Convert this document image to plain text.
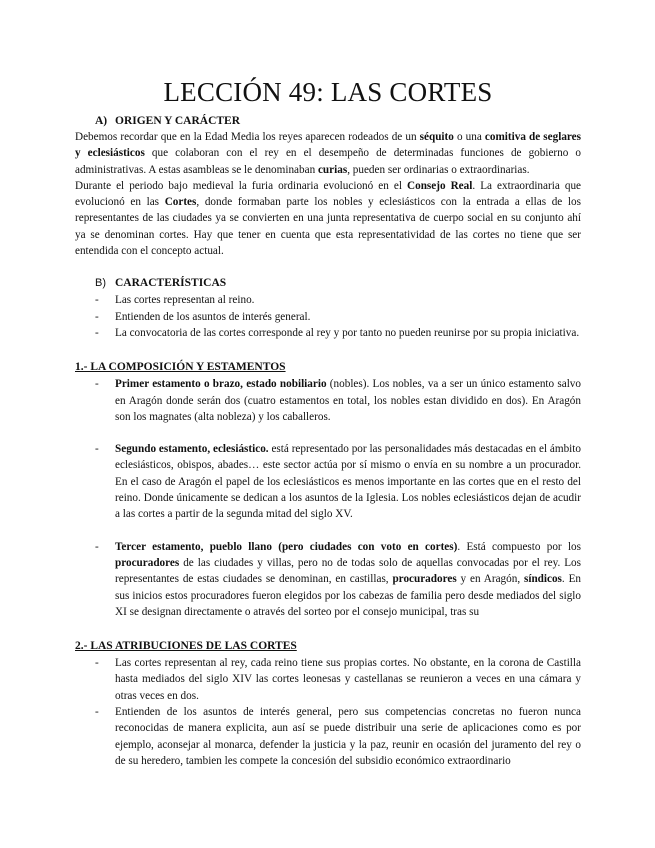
LECCIÓN 49: LAS CORTES
A) ORIGEN Y CARÁCTER

Debemos recordar que en la Edad Media los reyes aparecen rodeados de un séquito o una comitiva de seglares y eclesiásticos que colaboran con el rey en el desempeño de determinadas funciones de gobierno o administrativas. A estas asambleas se le denominaban curias, pueden ser ordinarias o extraordinarias.

Durante el periodo bajo medieval la furia ordinaria evolucionó en el Consejo Real. La extraordinaria que evolucionó en las Cortes, donde formaban parte los nobles y eclesiásticos con la entrada a ellas de los representantes de las ciudades ya se convierten en una junta representativa de cuerpo social en su conjunto ahí ya se denominan cortes. Hay que tener en cuenta que esta representatividad de las cortes no tiene que ser entendida con el concepto actual.

B) CARACTERÍSTICAS
- Las cortes representan al reino.
- Entienden de los asuntos de interés general.
- La convocatoria de las cortes corresponde al rey y por tanto no pueden reunirse por su propia iniciativa.
1.- LA COMPOSICIÓN Y ESTAMENTOS
- Primer estamento o brazo, estado nobiliario (nobles). Los nobles, va a ser un único estamento salvo en Aragón donde serán dos (cuatro estamentos en total, los nobles estan dividido en dos). En Aragón son los magnates (alta nobleza) y los caballeros.
- Segundo estamento, eclesiástico. está representado por las personalidades más destacadas en el ámbito eclesiásticos, obispos, abades… este sector actúa por sí mismo o envía en su nombre a un procurador. En el caso de Aragón el papel de los eclesiásticos es menos importante en las cortes que en el resto del reino. Donde únicamente se dedican a los asuntos de la Iglesia. Los nobles eclesiásticos dejan de acudir a las cortes a partir de la segunda mitad del siglo XV.
- Tercer estamento, pueblo llano (pero ciudades con voto en cortes). Está compuesto por los procuradores de las ciudades y villas, pero no de todas solo de aquellas convocadas por el rey. Los representantes de estas ciudades se denominan, en castillas, procuradores y en Aragón, síndicos. En sus inicios estos procuradores fueron elegidos por los cabezas de familia pero desde mediados del siglo XI se designan directamente o através del sorteo por el consejo municipal, tras su
2.- LAS ATRIBUCIONES DE LAS CORTES
- Las cortes representan al rey, cada reino tiene sus propias cortes. No obstante, en la corona de Castilla hasta mediados del siglo XIV las cortes leonesas y castellanas se reunieron a veces en una cámara y otras veces en dos.
- Entienden de los asuntos de interés general, pero sus competencias concretas no fueron nunca reconocidas de manera explicita, aun así se puede distribuir una serie de aplicaciones como es por ejemplo, aconsejar al monarca, defender la justicia y la paz, reunir en ocasión del juramento del rey o de su heredero, tambien les compete la concesión del subsidio económico extraordinario
